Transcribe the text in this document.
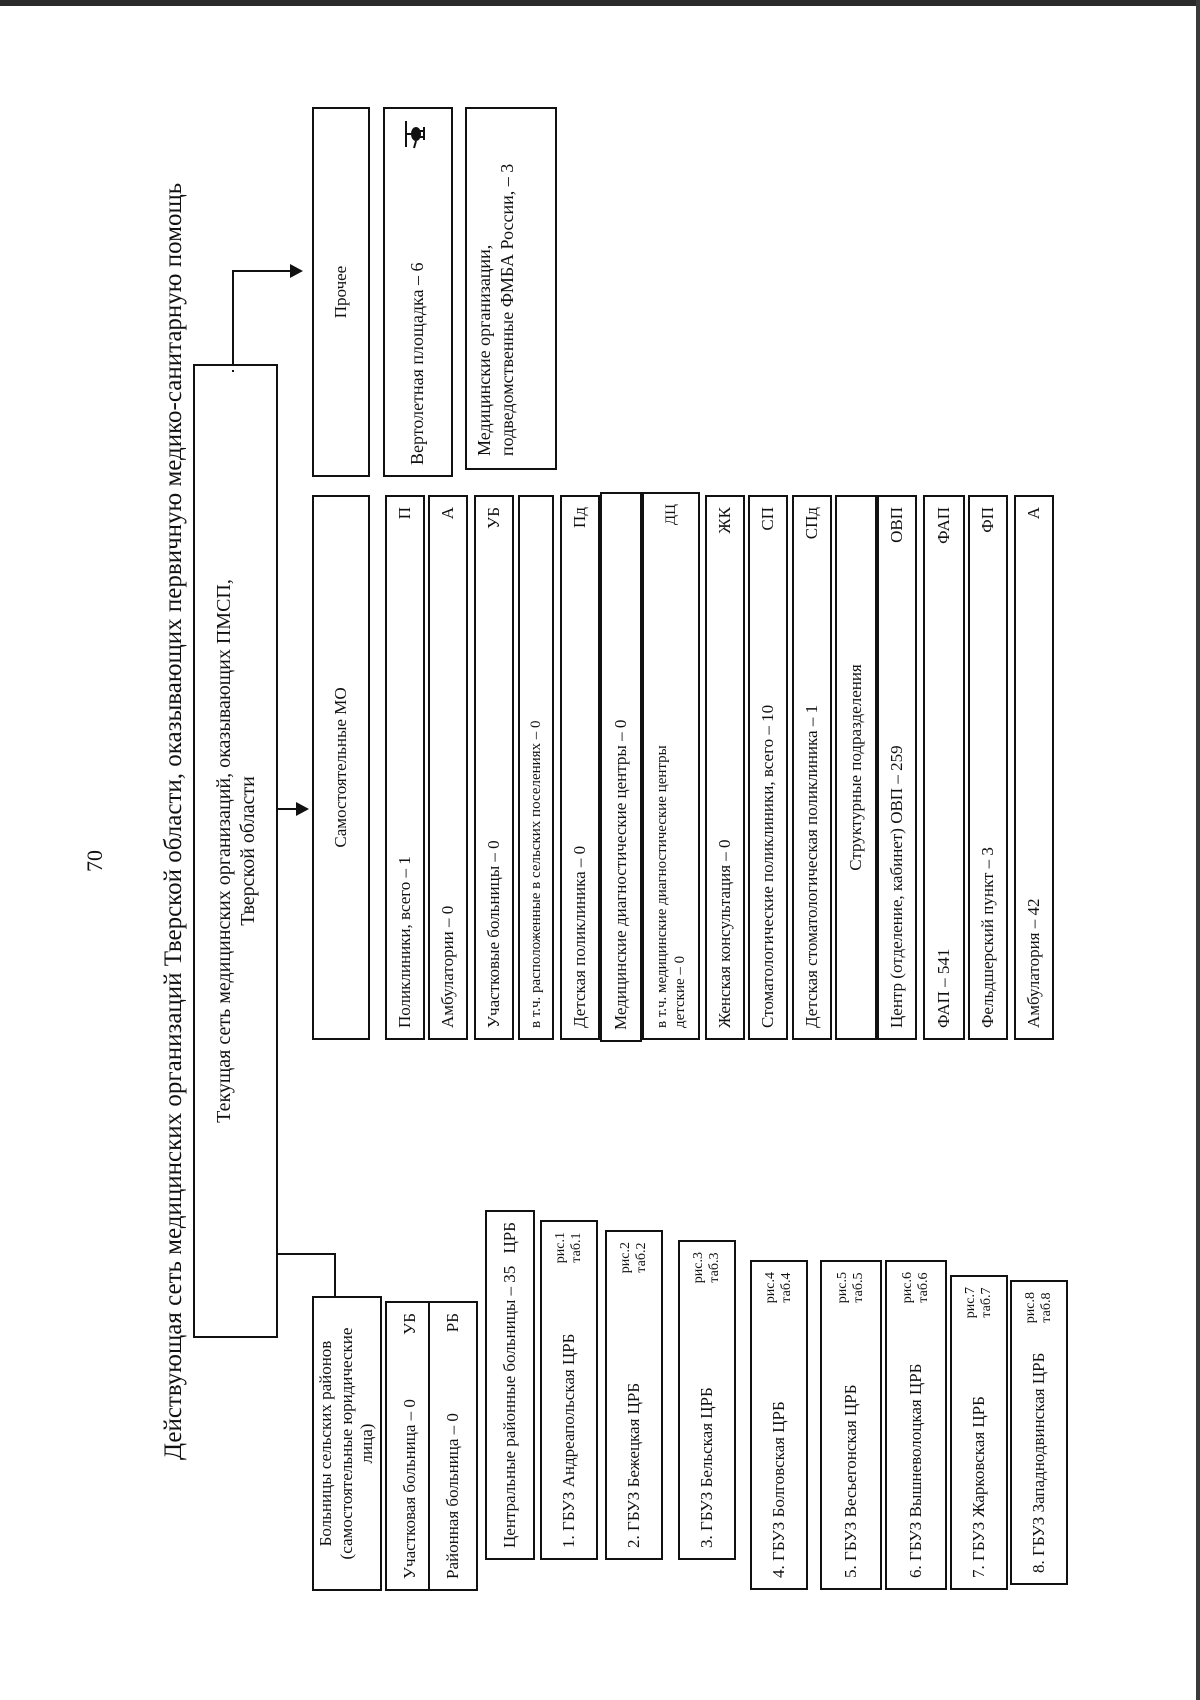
70 Действующая сеть медицинских организаций Тверской области, оказывающих первичную медико-санитарную помощь Текущая сеть медицинских организаций, оказывающих ПМСП, Тверской области
Больницы сельских районов (самостоятельные юридические лица) Участковая больница – 0
УБ
Районная больница – 0
РБ Центральные районные больницы – 35
ЦРБ
1. ГБУЗ Андреапольская ЦРБ
рис.1
таб.1
2. ГБУЗ Бежецкая ЦРБ
рис.2
таб.2
3. ГБУЗ Бельская ЦРБ
рис.3
таб.3
4. ГБУЗ Болговская ЦРБ
рис.4
таб.4
5. ГБУЗ Весьегонская ЦРБ
рис.5
таб.5
6. ГБУЗ Вышневолоцкая ЦРБ
рис.6
таб.6
7. ГБУЗ Жарковская ЦРБ
рис.7
таб.7
8. ГБУЗ Западнодвинская ЦРБ
рис.8
таб.8
Самостоятельные МО
Поликлиники, всего – 1
П
Амбулатории – 0
А
Участковые больницы – 0
УБ
в т.ч. расположенные в сельских поселениях – 0 Детская поликлиника – 0
Пд
Медицинские диагностические центры – 0 в т.ч. медицинские диагностические центры детские – 0
ДЦ
Женская консультация – 0
ЖК
Стоматологические поликлиники, всего – 10
СП
Детская стоматологическая поликлиника – 1
СПд
Структурные подразделения Центр (отделение, кабинет) ОВП – 259
ОВП
ФАП – 541
ФАП
Фельдшерский пункт – 3
ФП
Амбулатория – 42
А
Прочее	Вертолетная площадка – 6	Медицинские организации, подведомственные ФМБА России, – 3
